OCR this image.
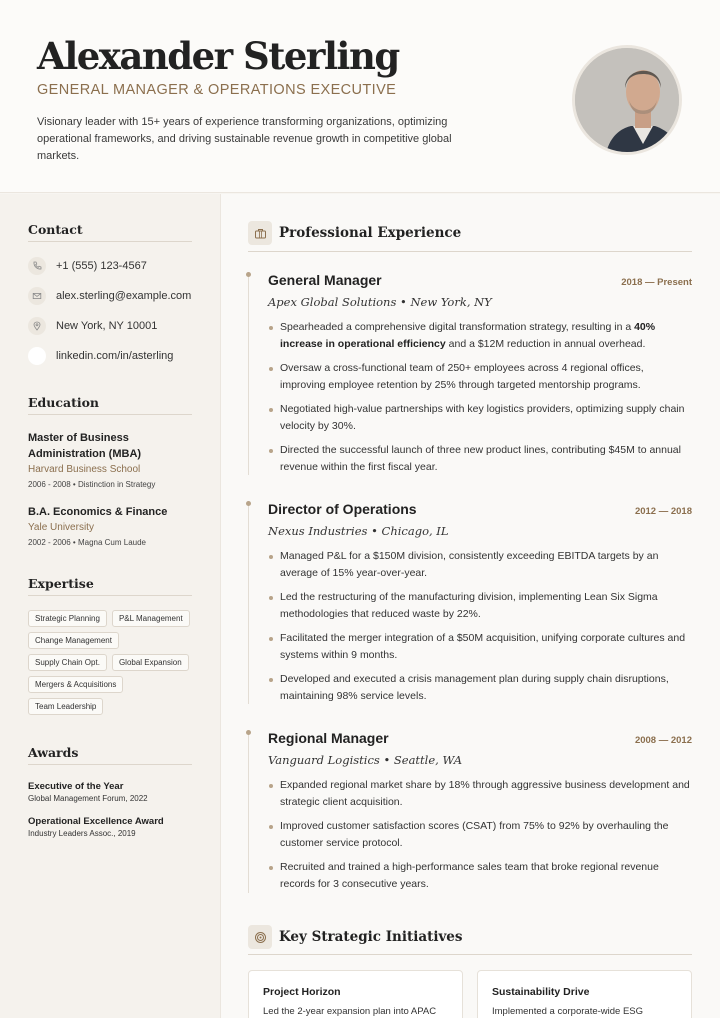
Alexander Sterling
GENERAL MANAGER & OPERATIONS EXECUTIVE
Visionary leader with 15+ years of experience transforming organizations, optimizing operational frameworks, and driving sustainable revenue growth in competitive global markets.
Contact
+1 (555) 123-4567
alex.sterling@example.com
New York, NY 10001
linkedin.com/in/asterling
Education
Master of Business Administration (MBA)
Harvard Business School
2006 - 2008 • Distinction in Strategy
B.A. Economics & Finance
Yale University
2002 - 2006 • Magna Cum Laude
Expertise
Strategic Planning	P&L Management
Change Management
Supply Chain Opt.	Global Expansion
Mergers & Acquisitions
Team Leadership
Awards
Executive of the Year
Global Management Forum, 2022
Operational Excellence Award
Industry Leaders Assoc., 2019
Professional Experience
General Manager	2018 — Present
Apex Global Solutions • New York, NY
Spearheaded a comprehensive digital transformation strategy, resulting in a 40% increase in operational efficiency and a $12M reduction in annual overhead.
Oversaw a cross-functional team of 250+ employees across 4 regional offices, improving employee retention by 25% through targeted mentorship programs.
Negotiated high-value partnerships with key logistics providers, optimizing supply chain velocity by 30%.
Directed the successful launch of three new product lines, contributing $45M to annual revenue within the first fiscal year.
Director of Operations	2012 — 2018
Nexus Industries • Chicago, IL
Managed P&L for a $150M division, consistently exceeding EBITDA targets by an average of 15% year-over-year.
Led the restructuring of the manufacturing division, implementing Lean Six Sigma methodologies that reduced waste by 22%.
Facilitated the merger integration of a $50M acquisition, unifying corporate cultures and systems within 9 months.
Developed and executed a crisis management plan during supply chain disruptions, maintaining 98% service levels.
Regional Manager	2008 — 2012
Vanguard Logistics • Seattle, WA
Expanded regional market share by 18% through aggressive business development and strategic client acquisition.
Improved customer satisfaction scores (CSAT) from 75% to 92% by overhauling the customer service protocol.
Recruited and trained a high-performance sales team that broke regional revenue records for 3 consecutive years.
Key Strategic Initiatives
Project Horizon
Led the 2-year expansion plan into APAC
Sustainability Drive
Implemented a corporate-wide ESG
